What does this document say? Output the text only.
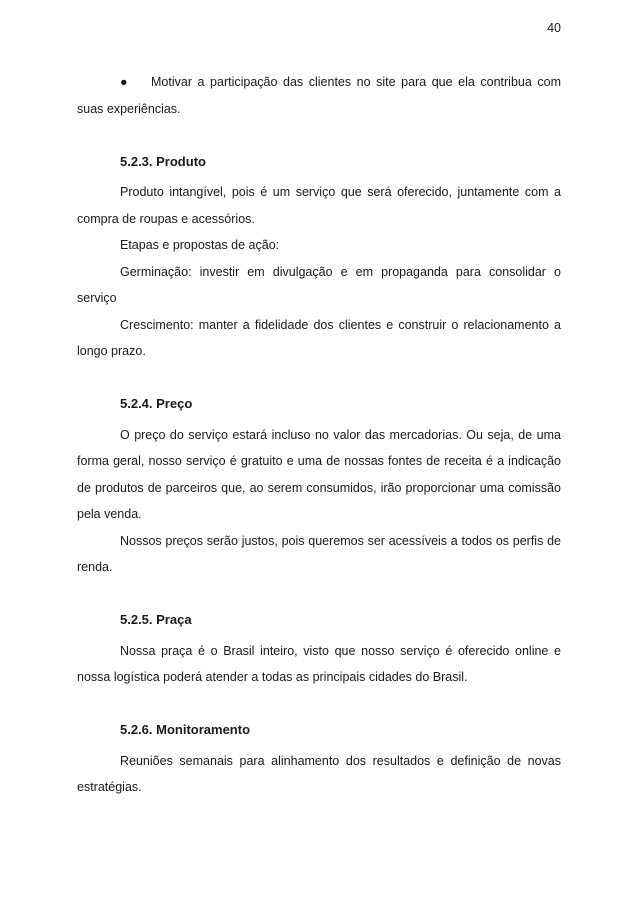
40

● Motivar a participação das clientes no site para que ela contribua com suas experiências.

5.2.3. Produto

Produto intangível, pois é um serviço que será oferecido, juntamente com a compra de roupas e acessórios.

Etapas e propostas de ação:

Germinação: investir em divulgação e em propaganda para consolidar o serviço

Crescimento: manter a fidelidade dos clientes e construir o relacionamento a longo prazo.

5.2.4. Preço

O preço do serviço estará incluso no valor das mercadorias. Ou seja, de uma forma geral, nosso serviço é gratuito e uma de nossas fontes de receita é a indicação de produtos de parceiros que, ao serem consumidos, irão proporcionar uma comissão pela venda.

Nossos preços serão justos, pois queremos ser acessíveis a todos os perfis de renda.

5.2.5. Praça

Nossa praça é o Brasil inteiro, visto que nosso serviço é oferecido online e nossa logística poderá atender a todas as principais cidades do Brasil.

5.2.6. Monitoramento

Reuniões semanais para alinhamento dos resultados e definição de novas estratégias.
